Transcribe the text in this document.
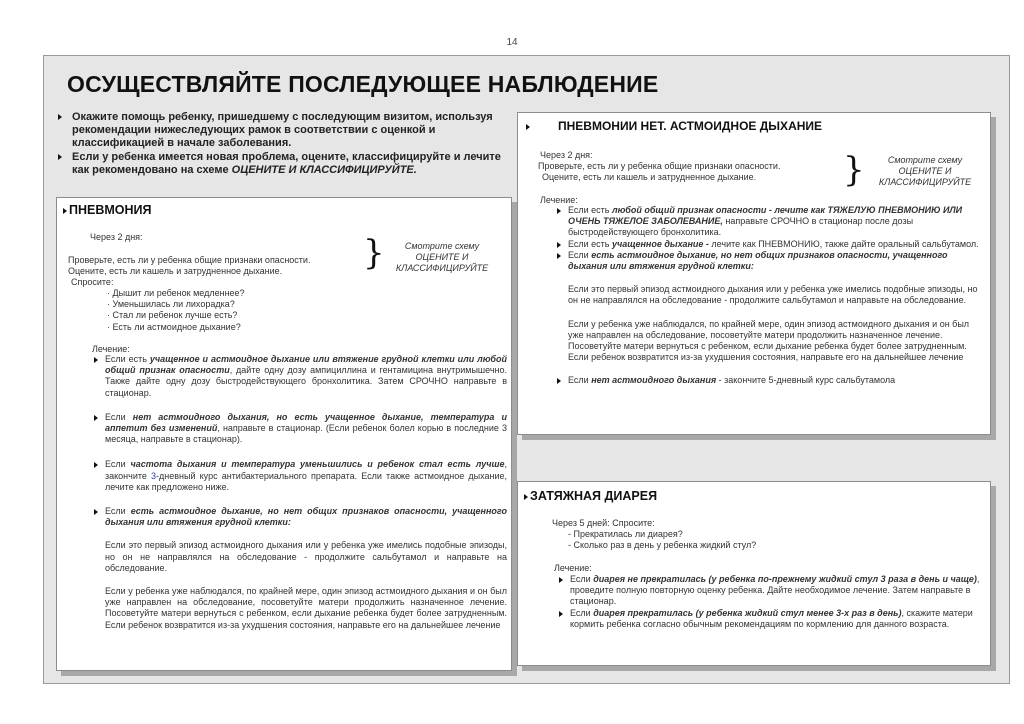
14
ОСУЩЕСТВЛЯЙТЕ ПОСЛЕДУЮЩЕЕ НАБЛЮДЕНИЕ
Окажите помощь ребенку, пришедшему с последующим визитом, используя рекомендации нижеследующих рамок в соответствии с оценкой и классификацией в начале заболевания.
Если у ребенка имеется новая проблема, оцените, классифицируйте и лечите как рекомендовано на схеме ОЦЕНИТЕ И КЛАССИФИЦИРУЙТЕ.
ПНЕВМОНИЯ
Через 2 дня:
Проверьте, есть ли у ребенка общие признаки опасности.
Оцените, есть ли кашель и затрудненное дыхание.
Спросите:
· Дышит ли ребенок медленнее?
· Уменьшилась ли лихорадка?
· Стал ли ребенок лучше есть?
· Есть ли астмоидное дыхание?
}	Смотрите схему
ОЦЕНИТЕ И
КЛАССИФИЦИРУЙТЕ
Лечение:
Если есть учащенное и астмоидное дыхание или втяжение грудной клетки или любой общий признак опасности, дайте одну дозу ампициллина и гентамицина внутримышечно. Также дайте одну дозу быстродействующего бронхолитика. Затем СРОЧНО направьте в стационар.
Если нет астмоидного дыхания, но есть учащенное дыхание, температура и аппетит без изменений, направьте в стационар. (Если ребенок болел корью в последние 3 месяца, направьте в стационар).
Если частота дыхания и температура уменьшились и ребенок стал есть лучше, закончите 3-дневный курс антибактериального препарата. Если также астмоидное дыхание, лечите как предложено ниже.
Если есть астмоидное дыхание, но нет общих признаков опасности, учащенного дыхания или втяжения грудной клетки:

Если это первый эпизод астмоидного дыхания или у ребенка уже имелись подобные эпизоды, но он не направлялся на обследование - продолжите сальбутамол и направьте на обследование.

Если у ребенка уже наблюдался, по крайней мере, один эпизод астмоидного дыхания и он был уже направлен на обследование, посоветуйте матери продолжить назначенное лечение. Посоветуйте матери вернуться с ребенком, если дыхание ребенка будет более затрудненным. Если ребенок возвратится из-за ухудшения состояния, направьте его на дальнейшее лечение

ПНЕВМОНИИ НЕТ. АСТМОИДНОЕ ДЫХАНИЕ
Через 2 дня:
Проверьте, есть ли у ребенка общие признаки опасности.
Оцените, есть ли кашель и затрудненное дыхание.	}	Смотрите схему
ОЦЕНИТЕ И
КЛАССИФИЦИРУЙТЕ
Лечение:
Если есть любой общий признак опасности - лечите как ТЯЖЕЛУЮ ПНЕВМОНИЮ ИЛИ ОЧЕНЬ ТЯЖЕЛОЕ ЗАБОЛЕВАНИЕ, направьте СРОЧНО в стационар после дозы быстродействующего бронхолитика.
Если есть учащенное дыхание - лечите как ПНЕВМОНИЮ, также дайте оральный сальбутамол.
Если есть астмоидное дыхание, но нет общих признаков опасности, учащенного дыхания или втяжения грудной клетки:

Если это первый эпизод астмоидного дыхания или у ребенка уже имелись подобные эпизоды, но он не направлялся на обследование - продолжите сальбутамол и направьте на обследование.

Если у ребенка уже наблюдался, по крайней мере, один эпизод астмоидного дыхания и он был уже направлен на обследование, посоветуйте матери продолжить назначенное лечение. Посоветуйте матери вернуться с ребенком, если дыхание ребенка будет более затрудненным. Если ребенок возвратится из-за ухудшения состояния, направьте его на дальнейшее лечение

Если нет астмоидного дыхания - закончите 5-дневный курс сальбутамола
ЗАТЯЖНАЯ ДИАРЕЯ
Через 5 дней: Спросите:
- Прекратилась ли диарея?
- Сколько раз в день у ребенка жидкий стул?
Лечение:
Если диарея не прекратилась (у ребенка по-прежнему жидкий стул 3 раза в день и чаще), проведите полную повторную оценку ребенка. Дайте необходимое лечение. Затем направьте в стационар.
Если диарея прекратилась (у ребенка жидкий стул менее 3-х раз в день), скажите матери кормить ребенка согласно обычным рекомендациям по кормлению для данного возраста.
